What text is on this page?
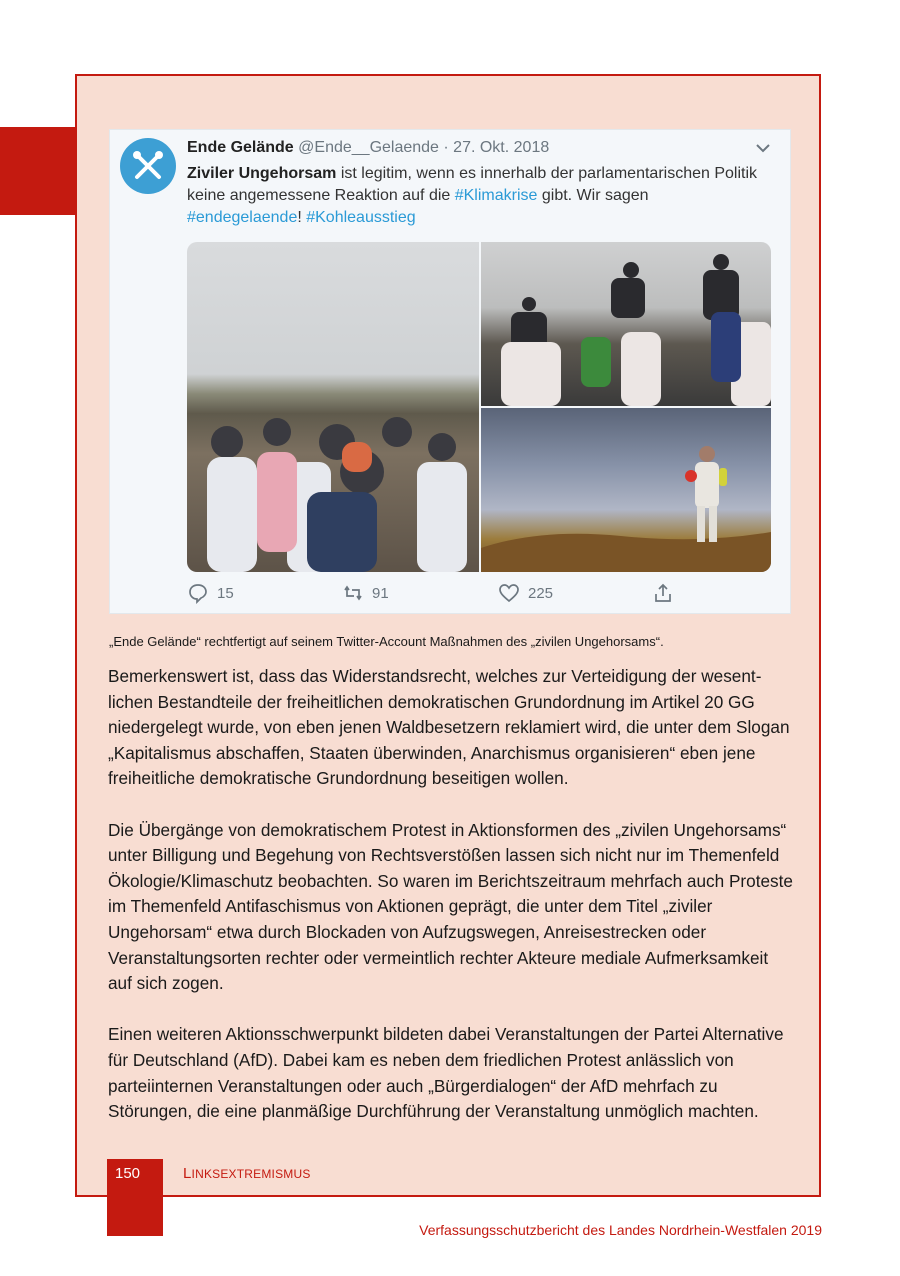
Ende Gelände @Ende__Gelaende · 27. Okt. 2018
Ziviler Ungehorsam ist legitim, wenn es innerhalb der parlamentarischen Politik keine angemessene Reaktion auf die #Klimakrise gibt. Wir sagen
#endegelaende! #Kohleausstieg
15	91	225
„Ende Gelände“ rechtfertigt auf seinem Twitter-Account Maßnahmen des „zivilen Ungehorsams“.

Bemerkenswert ist, dass das Widerstandsrecht, welches zur Verteidigung der wesentlichen Bestandteile der freiheitlichen demokratischen Grundordnung im Artikel 20 GG niedergelegt wurde, von eben jenen Waldbesetzern reklamiert wird, die unter dem Slogan „Kapitalismus abschaffen, Staaten überwinden, Anarchismus organisieren“ eben jene freiheitliche demokratische Grundordnung beseitigen wollen.

Die Übergänge von demokratischem Protest in Aktionsformen des „zivilen Ungehorsams“ unter Billigung und Begehung von Rechtsverstößen lassen sich nicht nur im Themenfeld Ökologie/Klimaschutz beobachten. So waren im Berichtszeitraum mehrfach auch Proteste im Themenfeld Antifaschismus von Aktionen geprägt, die unter dem Titel „ziviler Ungehorsam“ etwa durch Blockaden von Aufzugswegen, Anreisestrecken oder Veranstaltungsorten rechter oder vermeintlich rechter Akteure mediale Aufmerksamkeit auf sich zogen.

Einen weiteren Aktionsschwerpunkt bildeten dabei Veranstaltungen der Partei Alternative für Deutschland (AfD). Dabei kam es neben dem friedlichen Protest anlässlich von parteiinternen Veranstaltungen oder auch „Bürgerdialogen“ der AfD mehrfach zu Störungen, die eine planmäßige Durchführung der Veranstaltung unmöglich machten.

150	LINKSEXTREMISMUS
Verfassungsschutzbericht des Landes Nordrhein-Westfalen 2019
